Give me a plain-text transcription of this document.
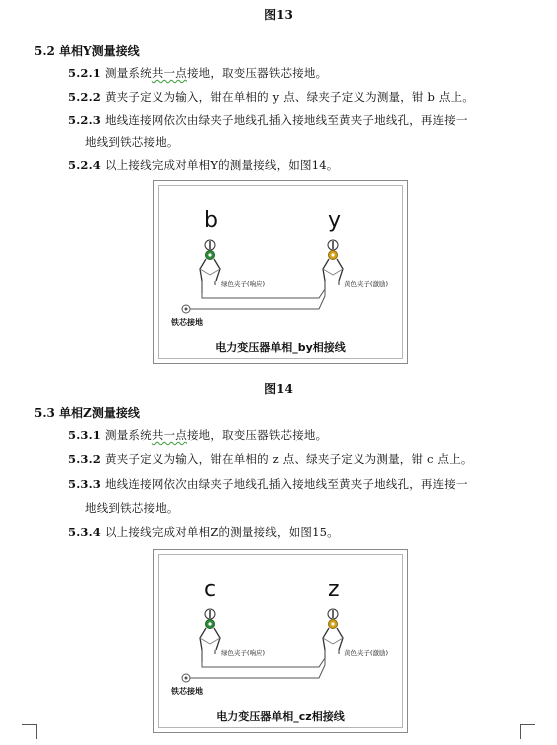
图13
5.2 单相Y测量接线
5.2.1 测量系统共一点接地，取变压器铁芯接地。
5.2.2 黄夹子定义为输入，钳在单相的 y 点、绿夹子定义为测量，钳 b 点上。
5.2.3 地线连接网依次由绿夹子地线孔插入接地线至黄夹子地线孔，再连接一
地线到铁芯接地。
5.2.4 以上接线完成对单相Y的测量接线，如图14。
b	y
绿色夹子(响应)	黄色夹子(激励)
铁芯接地
电力变压器单相_by相接线
图14
5.3 单相Z测量接线
5.3.1 测量系统共一点接地，取变压器铁芯接地。
5.3.2 黄夹子定义为输入，钳在单相的 z 点、绿夹子定义为测量，钳 c 点上。
5.3.3 地线连接网依次由绿夹子地线孔插入接地线至黄夹子地线孔，再连接一
地线到铁芯接地。
5.3.4 以上接线完成对单相Z的测量接线，如图15。
c	z
绿色夹子(响应)	黄色夹子(激励)
铁芯接地
电力变压器单相_cz相接线
